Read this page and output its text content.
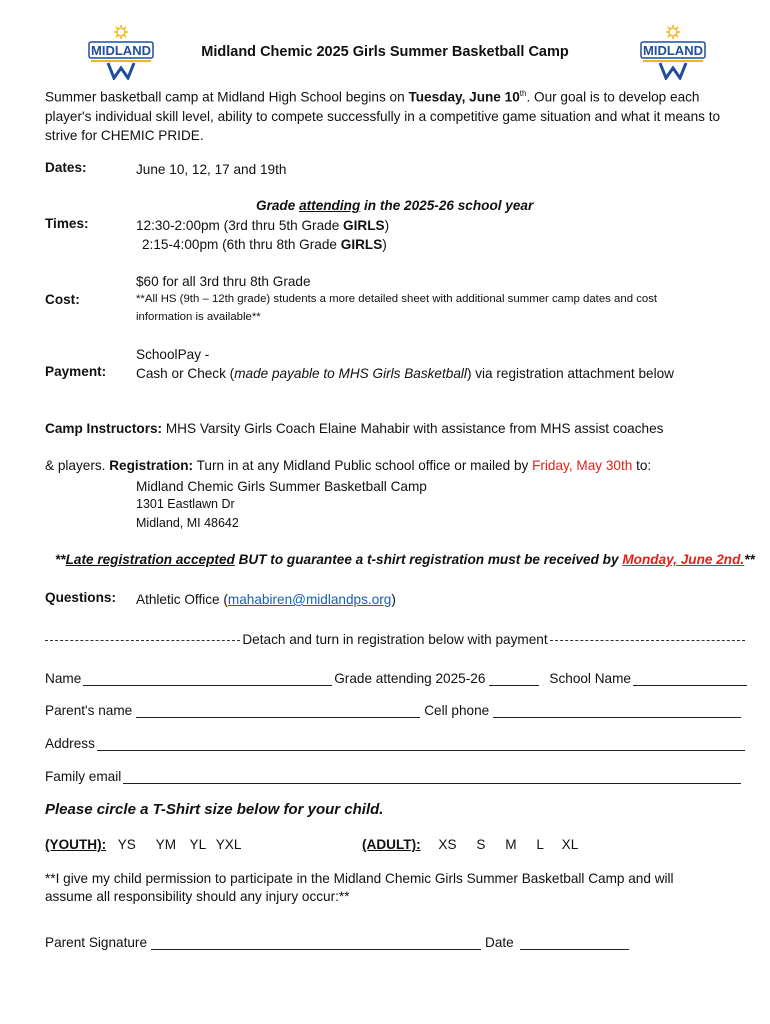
MIDLAND	MIDLAND
Midland Chemic 2025 Girls Summer Basketball Camp
Summer basketball camp at Midland High School begins on Tuesday, June 10th. Our goal is to develop each player's individual skill level, ability to compete successfully in a competitive game situation and what it means to strive for CHEMIC PRIDE.
Dates:	June 10, 12, 17 and 19th
Grade attending in the 2025-26 school year
Times:	12:30-2:00pm (3rd thru 5th Grade GIRLS)
2:15-4:00pm (6th thru 8th Grade GIRLS)
$60 for all 3rd thru 8th Grade
Cost:	**All HS (9th – 12th grade) students a more detailed sheet with additional summer camp dates and cost information is available**
SchoolPay -
Payment: Cash or Check (made payable to MHS Girls Basketball) via registration attachment below
Camp Instructors: MHS Varsity Girls Coach Elaine Mahabir with assistance from MHS assist coaches
& players. Registration: Turn in at any Midland Public school office or mailed by Friday, May 30th to:
Midland Chemic Girls Summer Basketball Camp
1301 Eastlawn Dr
Midland, MI 48642
**Late registration accepted BUT to guarantee a t-shirt registration must be received by Monday, June 2nd.**
Questions: Athletic Office (mahabiren@midlandps.org)
Detach and turn in registration below with payment
Name	Grade attending 2025-26	School Name
Parent's name	Cell phone
Address
Family email
Please circle a T-Shirt size below for your child.
(YOUTH): YS YM YL YXL	(ADULT): XS S M L XL
**I give my child permission to participate in the Midland Chemic Girls Summer Basketball Camp and will assume all responsibility should any injury occur:**
Parent Signature	Date
